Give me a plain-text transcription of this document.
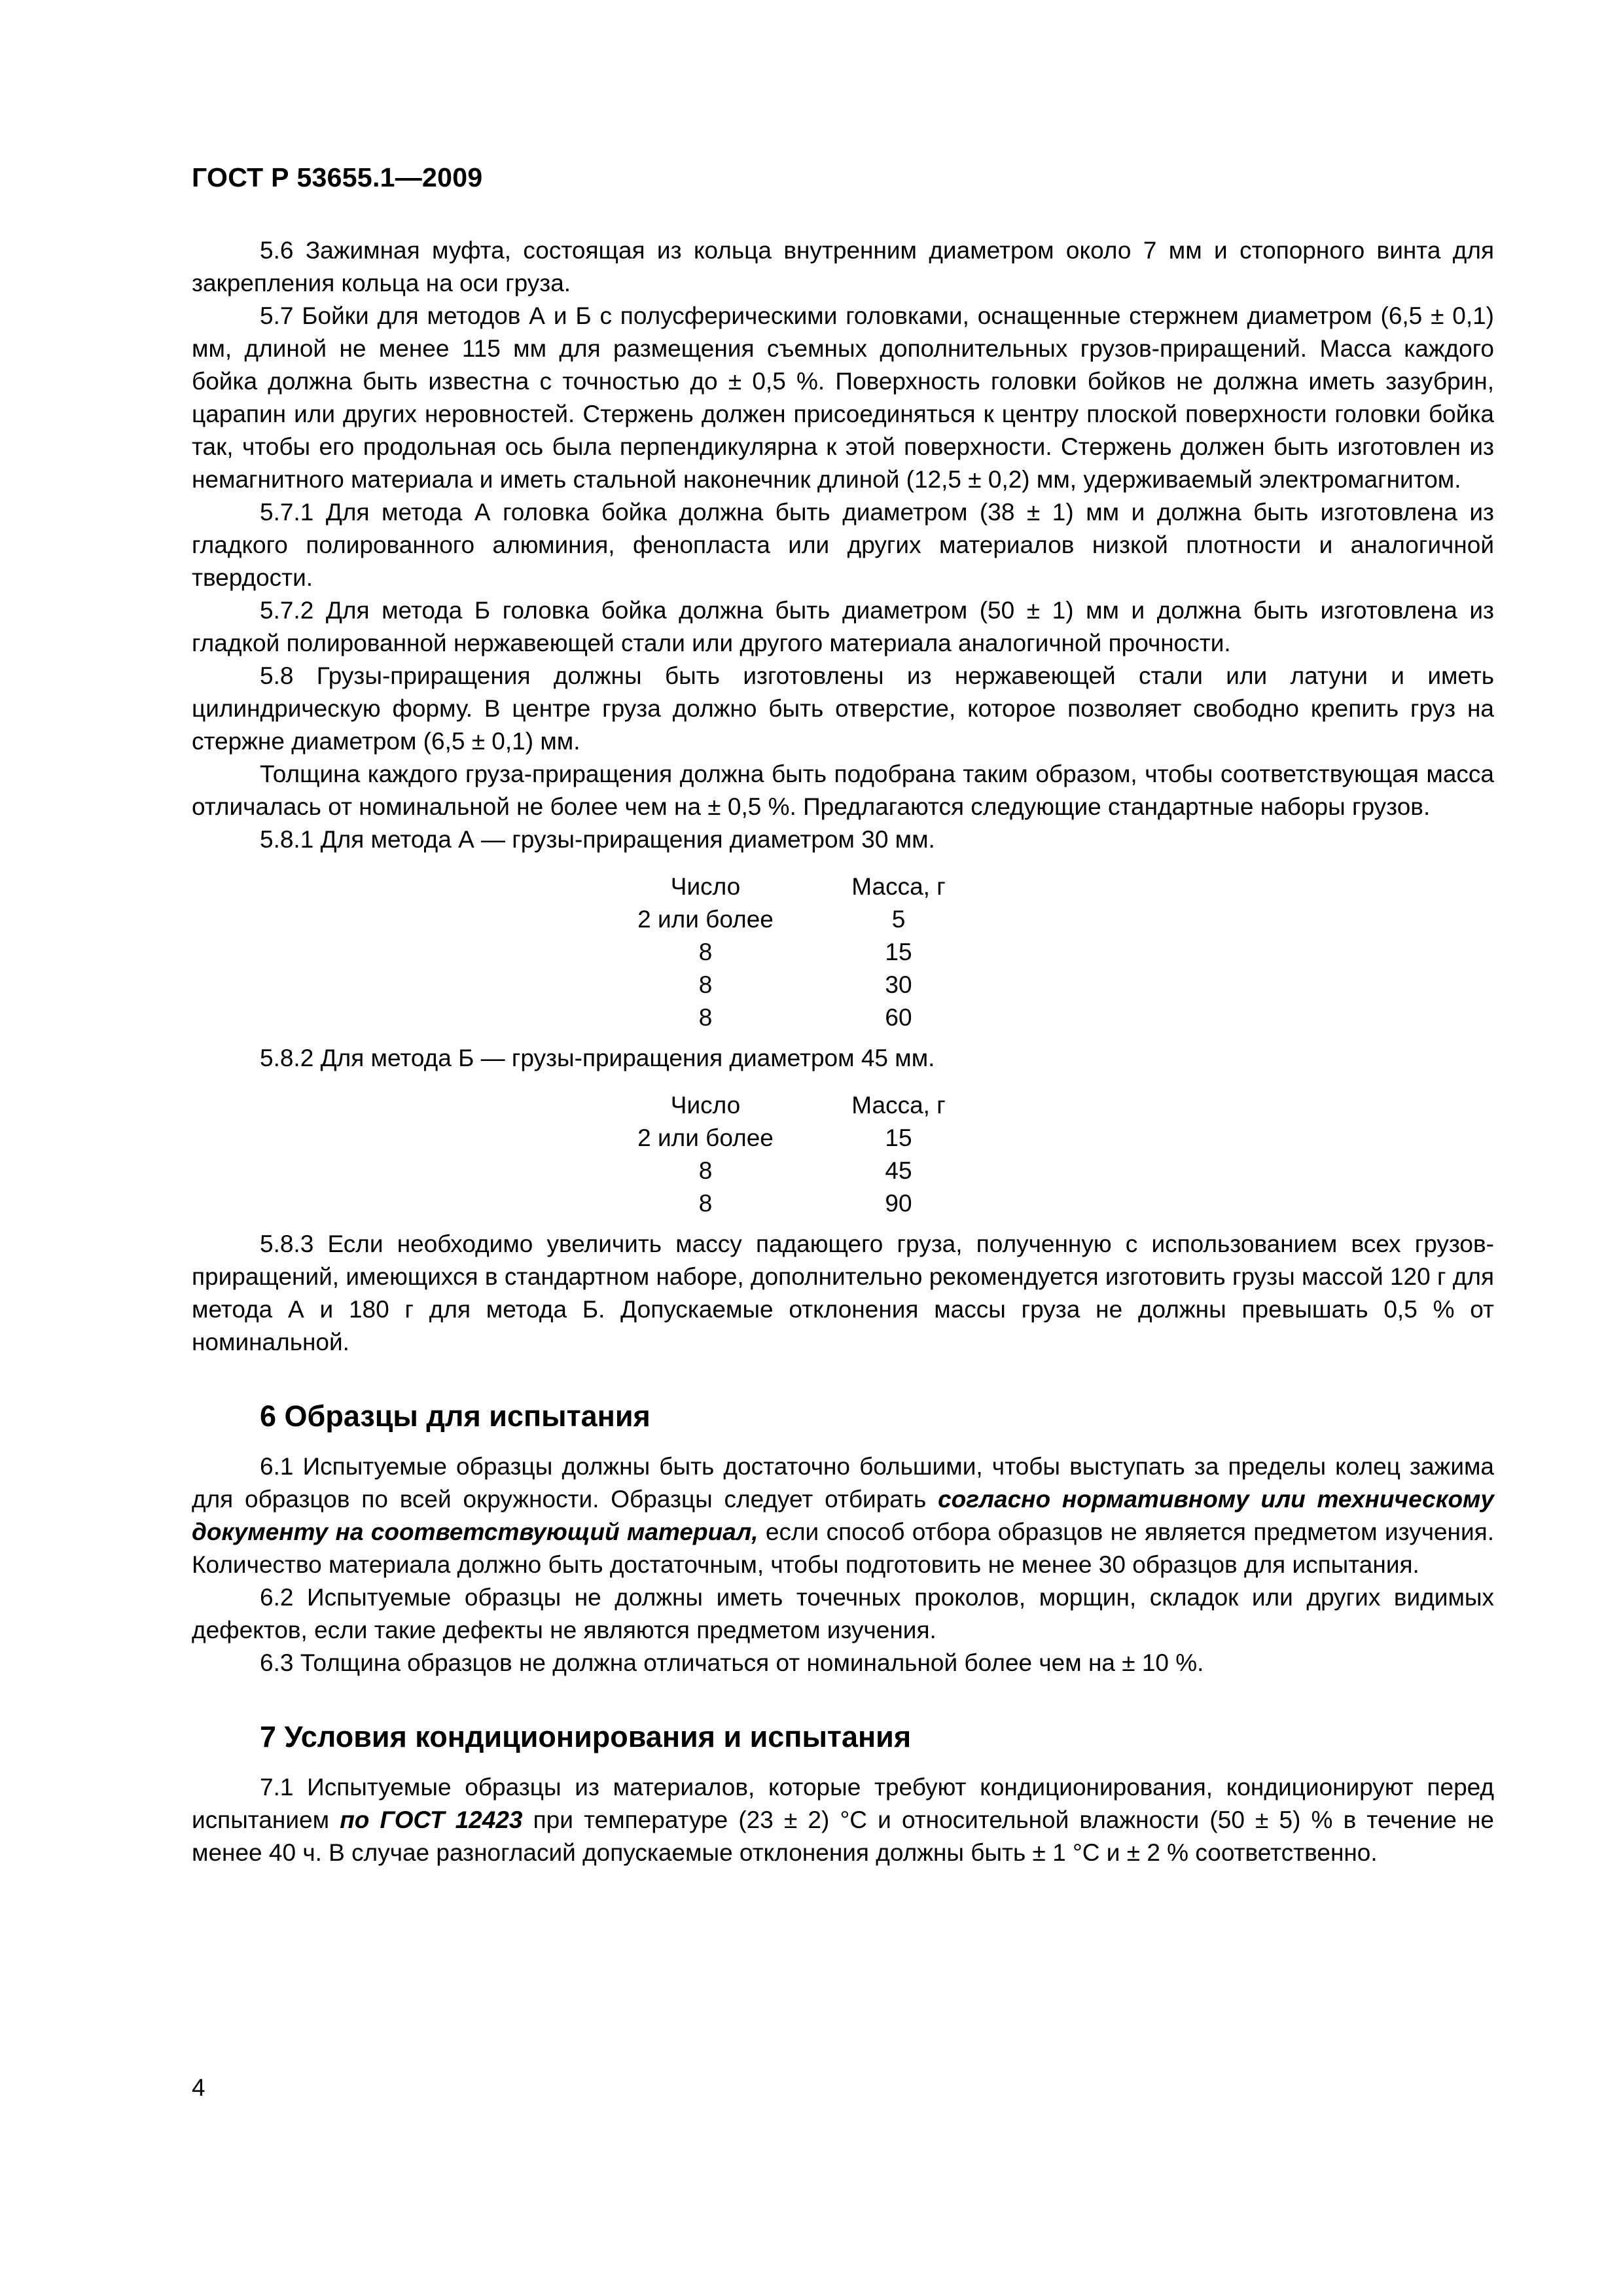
ГОСТ Р 53655.1—2009

5.6 Зажимная муфта, состоящая из кольца внутренним диаметром около 7 мм и стопорного винта для закрепления кольца на оси груза.

5.7 Бойки для методов А и Б с полусферическими головками, оснащенные стержнем диаметром (6,5 ± 0,1) мм, длиной не менее 115 мм для размещения съемных дополнительных грузов-приращений. Масса каждого бойка должна быть известна с точностью до ± 0,5 %. Поверхность головки бойков не должна иметь зазубрин, царапин или других неровностей. Стержень должен присоединяться к центру плоской поверхности головки бойка так, чтобы его продольная ось была перпендикулярна к этой поверхности. Стержень должен быть изготовлен из немагнитного материала и иметь стальной наконечник длиной (12,5 ± 0,2) мм, удерживаемый электромагнитом.

5.7.1 Для метода А головка бойка должна быть диаметром (38 ± 1) мм и должна быть изготовлена из гладкого полированного алюминия, фенопласта или других материалов низкой плотности и аналогичной твердости.

5.7.2 Для метода Б головка бойка должна быть диаметром (50 ± 1) мм и должна быть изготовлена из гладкой полированной нержавеющей стали или другого материала аналогичной прочности.

5.8 Грузы-приращения должны быть изготовлены из нержавеющей стали или латуни и иметь цилиндрическую форму. В центре груза должно быть отверстие, которое позволяет свободно крепить груз на стержне диаметром (6,5 ± 0,1) мм.

Толщина каждого груза-приращения должна быть подобрана таким образом, чтобы соответствующая масса отличалась от номинальной не более чем на ± 0,5 %. Предлагаются следующие стандартные наборы грузов.

5.8.1 Для метода А — грузы-приращения диаметром 30 мм.

Число		Масса, г
2 или более		5
8		15
8		30
8		60

5.8.2 Для метода Б — грузы-приращения диаметром 45 мм.

Число		Масса, г
2 или более		15
8		45
8		90

5.8.3 Если необходимо увеличить массу падающего груза, полученную с использованием всех грузов-приращений, имеющихся в стандартном наборе, дополнительно рекомендуется изготовить грузы массой 120 г для метода А и 180 г для метода Б. Допускаемые отклонения массы груза не должны превышать 0,5 % от номинальной.

6 Образцы для испытания

6.1 Испытуемые образцы должны быть достаточно большими, чтобы выступать за пределы колец зажима для образцов по всей окружности. Образцы следует отбирать согласно нормативному или техническому документу на соответствующий материал, если способ отбора образцов не является предметом изучения. Количество материала должно быть достаточным, чтобы подготовить не менее 30 образцов для испытания.

6.2 Испытуемые образцы не должны иметь точечных проколов, морщин, складок или других видимых дефектов, если такие дефекты не являются предметом изучения.

6.3 Толщина образцов не должна отличаться от номинальной более чем на ± 10 %.

7 Условия кондиционирования и испытания

7.1 Испытуемые образцы из материалов, которые требуют кондиционирования, кондиционируют перед испытанием по ГОСТ 12423 при температуре (23 ± 2) °С и относительной влажности (50 ± 5) % в течение не менее 40 ч. В случае разногласий допускаемые отклонения должны быть ± 1 °С и ± 2 % соответственно.

4
